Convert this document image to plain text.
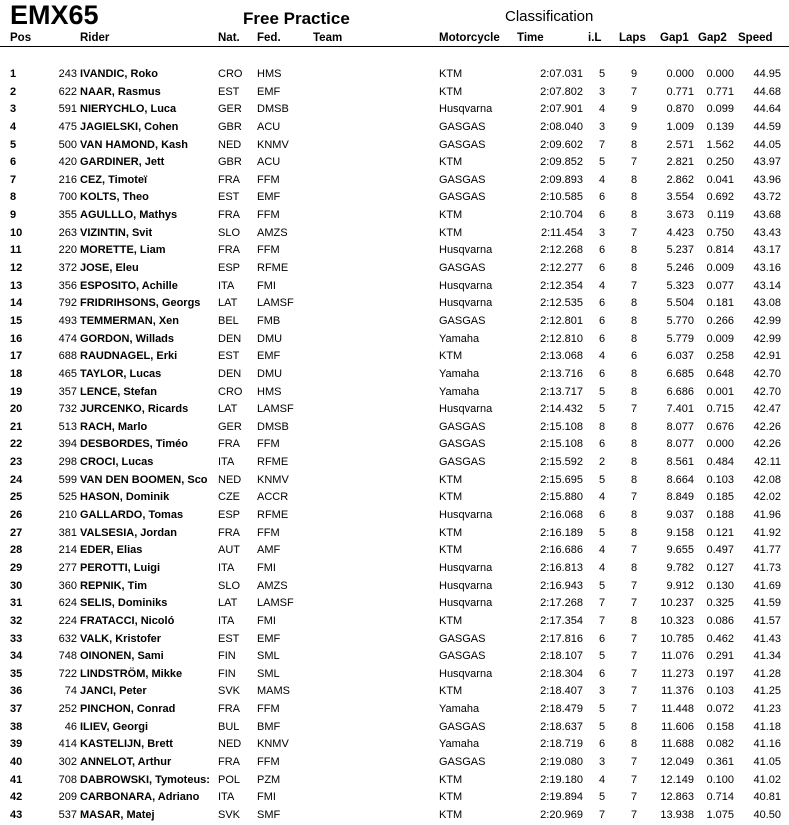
EMX65	Free Practice	Classification
Pos	Rider	Nat. Fed.	Team	Motorcycle Time	i.L Laps Gap1 Gap2 Speed
1	243 IVANDIC, Roko	CRO HMS	KTM	2:07.031 5 9	0.000	0.000	44.95
2	622 NAAR, Rasmus	EST EMF	KTM	2:07.802 3 7	0.771	0.771	44.68
3	591 NIERYCHLO, Luca	GER DMSB	Husqvarna	2:07.901 4 9	0.870	0.099	44.64
4	475 JAGIELSKI, Cohen	GBR ACU	GASGAS	2:08.040 3 9	1.009	0.139	44.59
5	500 VAN HAMOND, Kash	NED KNMV	GASGAS	2:09.602 7 8	2.571	1.562	44.05
6	420 GARDINER, Jett	GBR ACU	KTM	2:09.852 5 7	2.821	0.250	43.97
7	216 CEZ, Timoteï	FRA FFM	GASGAS	2:09.893 4 8	2.862	0.041	43.96
8	700 KOLTS, Theo	EST EMF	GASGAS	2:10.585 6 8	3.554	0.692	43.72
9	355 AGULLLO, Mathys	FRA FFM	KTM	2:10.704 6 8	3.673	0.119	43.68
10	263 VIZINTIN, Svit	SLO AMZS	KTM	2:11.454 3 7	4.423	0.750	43.43
11	220 MORETTE, Liam	FRA FFM	Husqvarna	2:12.268 6 8	5.237	0.814	43.17
12	372 JOSE, Eleu	ESP RFME	GASGAS	2:12.277 6 8	5.246	0.009	43.16
13	356 ESPOSITO, Achille	ITA FMI	Husqvarna	2:12.354 4 7	5.323	0.077	43.14
14	792 FRIDRIHSONS, Georgs	LAT LAMSF	Husqvarna	2:12.535 6 8	5.504	0.181	43.08
15	493 TEMMERMAN, Xen	BEL FMB	GASGAS	2:12.801 6 8	5.770	0.266	42.99
16	474 GORDON, Willads	DEN DMU	Yamaha	2:12.810 6 8	5.779	0.009	42.99
17	688 RAUDNAGEL, Erki	EST EMF	KTM	2:13.068 4 6	6.037	0.258	42.91
18	465 TAYLOR, Lucas	DEN DMU	Yamaha	2:13.716 6 8	6.685	0.648	42.70
19	357 LENCE, Stefan	CRO HMS	Yamaha	2:13.717 5 8	6.686	0.001	42.70
20	732 JURCENKO, Ricards	LAT LAMSF	Husqvarna	2:14.432 5 7	7.401	0.715	42.47
21	513 RACH, Marlo	GER DMSB	GASGAS	2:15.108 8 8	8.077	0.676	42.26
22	394 DESBORDES, Timéo	FRA FFM	GASGAS	2:15.108 6 8	8.077	0.000	42.26
23	298 CROCI, Lucas	ITA RFME	GASGAS	2:15.592 2 8	8.561	0.484	42.11
24	599 VAN DEN BOOMEN, Sco NED KNMV	KTM	2:15.695 5 8	8.664	0.103	42.08
25	525 HASON, Dominik	CZE ACCR	KTM	2:15.880 4 7	8.849	0.185	42.02
26	210 GALLARDO, Tomas	ESP RFME	Husqvarna	2:16.068 6 8	9.037	0.188	41.96
27	381 VALSESIA, Jordan	FRA FFM	KTM	2:16.189 5 8	9.158	0.121	41.92
28	214 EDER, Elias	AUT AMF	KTM	2:16.686 4 7	9.655	0.497	41.77
29	277 PEROTTI, Luigi	ITA FMI	Husqvarna	2:16.813 4 8	9.782	0.127	41.73
30	360 REPNIK, Tim	SLO AMZS	Husqvarna	2:16.943 5 7	9.912	0.130	41.69
31	624 SELIS, Dominiks	LAT LAMSF	Husqvarna	2:17.268 7 7	10.237	0.325	41.59
32	224 FRATACCI, Nicoló	ITA FMI	KTM	2:17.354 7 8	10.323	0.086	41.57
33	632 VALK, Kristofer	EST EMF	GASGAS	2:17.816 6 7	10.785	0.462	41.43
34	748 OINONEN, Sami	FIN SML	GASGAS	2:18.107 5 7	11.076	0.291	41.34
35	722 LINDSTRÖM, Mikke	FIN SML	Husqvarna	2:18.304 6 7	11.273	0.197	41.28
36	74 JANCI, Peter	SVK MAMS	KTM	2:18.407 3 7	11.376	0.103	41.25
37	252 PINCHON, Conrad	FRA FFM	Yamaha	2:18.479 5 7	11.448	0.072	41.23
38	46 ILIEV, Georgi	BUL BMF	GASGAS	2:18.637 5 8	11.606	0.158	41.18
39	414 KASTELIJN, Brett	NED KNMV	Yamaha	2:18.719 6 8	11.688	0.082	41.16
40	302 ANNELOT, Arthur	FRA FFM	GASGAS	2:19.080 3 7	12.049	0.361	41.05
41	708 DABROWSKI, Tymoteus: POL PZM	KTM	2:19.180 4 7	12.149	0.100	41.02
42	209 CARBONARA, Adriano	ITA FMI	KTM	2:19.894 5 7	12.863	0.714	40.81
43	537 MASAR, Matej	SVK SMF	KTM	2:20.969 7 7	13.938	1.075	40.50
